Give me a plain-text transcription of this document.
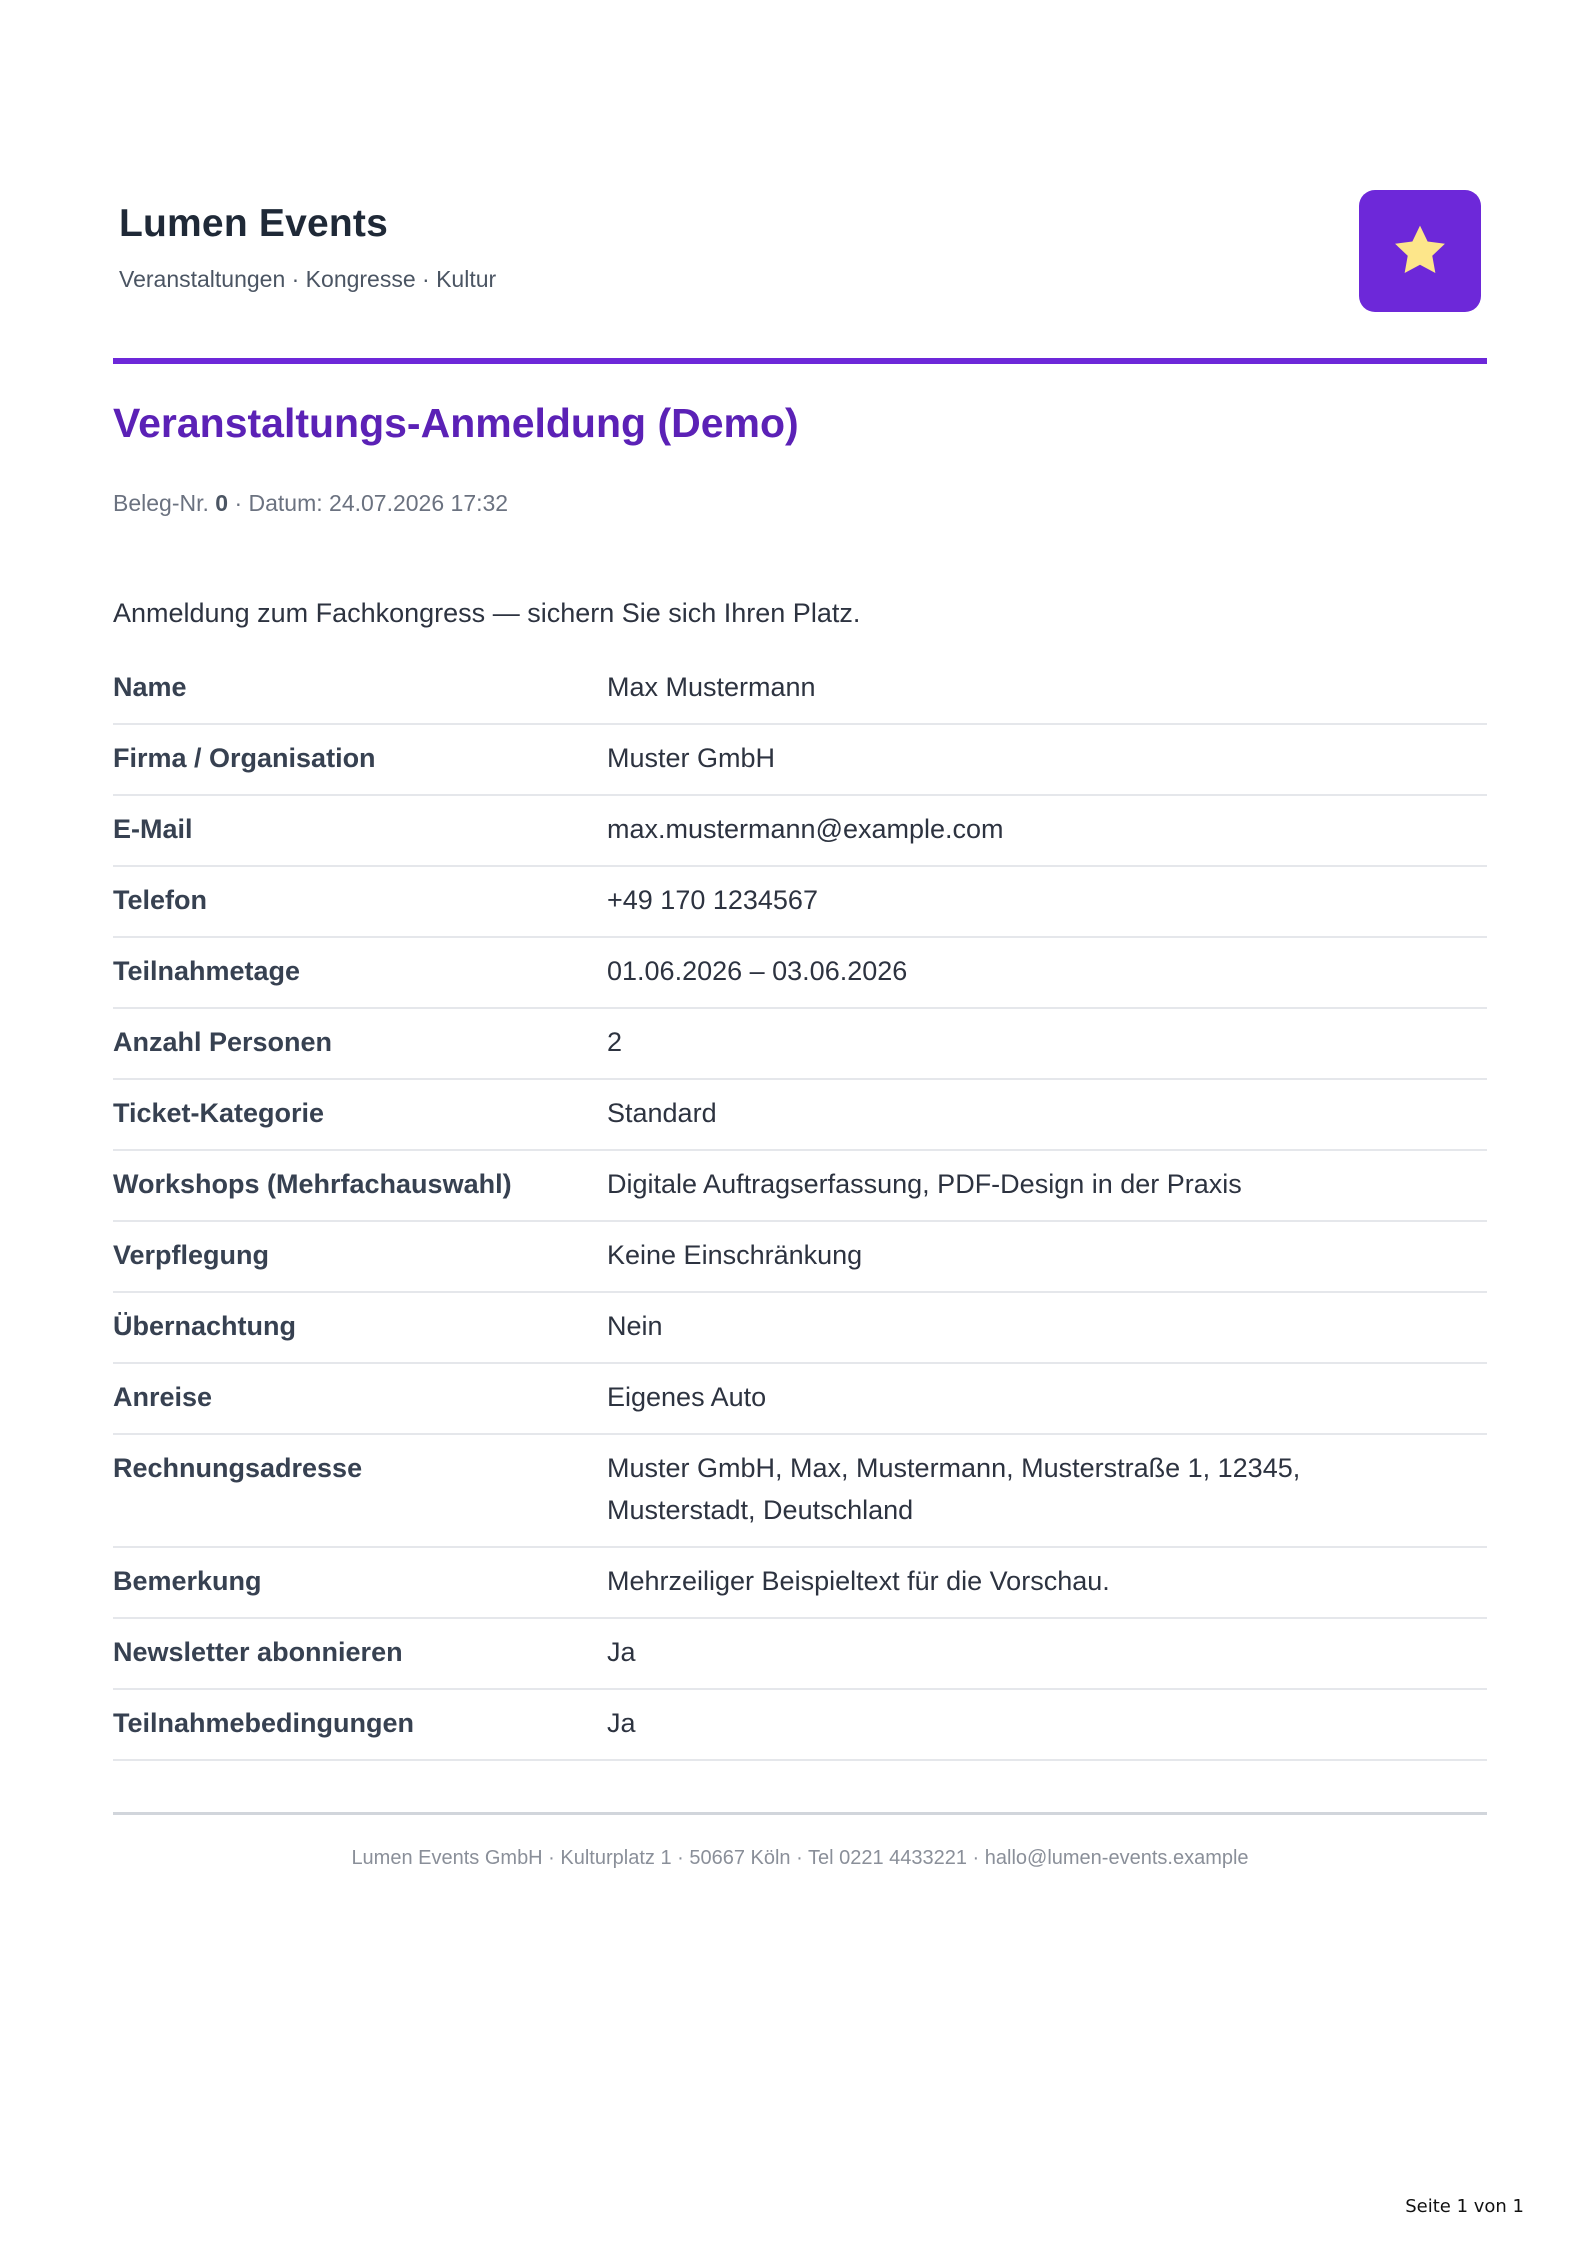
Lumen Events
Veranstaltungen · Kongresse · Kultur
Veranstaltungs-Anmeldung (Demo)
Beleg-Nr. 0 · Datum: 24.07.2026 17:32
Anmeldung zum Fachkongress — sichern Sie sich Ihren Platz.
Name	Max Mustermann
Firma / Organisation	Muster GmbH
E-Mail	max.mustermann@example.com
Telefon	+49 170 1234567
Teilnahmetage	01.06.2026 – 03.06.2026
Anzahl Personen	2
Ticket-Kategorie	Standard
Workshops (Mehrfachauswahl)	Digitale Auftragserfassung, PDF-Design in der Praxis
Verpflegung	Keine Einschränkung
Übernachtung	Nein
Anreise	Eigenes Auto
Rechnungsadresse	Muster GmbH, Max, Mustermann, Musterstraße 1, 12345, Musterstadt, Deutschland
Bemerkung	Mehrzeiliger Beispieltext für die Vorschau.
Newsletter abonnieren	Ja
Teilnahmebedingungen	Ja
Lumen Events GmbH · Kulturplatz 1 · 50667 Köln · Tel 0221 4433221 · hallo@lumen-events.example
Seite 1 von 1
